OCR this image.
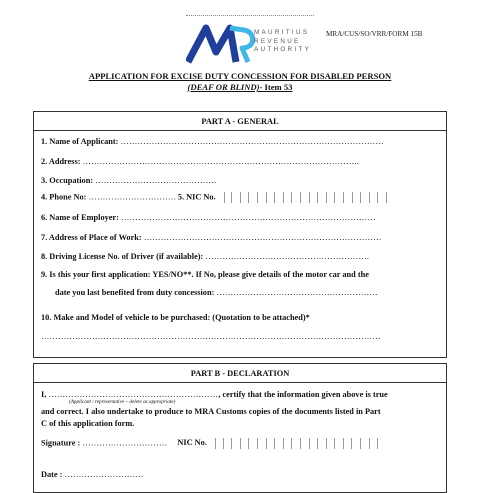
MAURITIUS
REVENUE
AUTHORITY
MRA/CUS/SO/VRR/FORM 15B
APPLICATION FOR EXCISE DUTY CONCESSION FOR DISABLED PERSON
(DEAF OR BLIND)- Item 53
PART A - GENERAL
1. Name of Applicant: …………………………………………………………………………………
2. Address: ……………………………………………………………………………………..
3. Occupation: …………………………………….
4. Phone No: …………………………. 5. NIC No.
6. Name of Employer: ………………………………………………………………………………
7. Address of Place of Work: …………………………………………………………………………
8. Driving License No. of Driver (if available): ………………………………………………….
9. Is this your first application: YES/NO**. If No, please give details of the motor car and the
date you last benefited from duty concession: …………………………………………………
10. Make and Model of vehicle to be purchased: (Quotation to be attached)*
…………………………………………………………………………………………………………
PART B - DECLARATION
I, ……………………………………………………, certify that the information given above is true
(Applicant / representative – delete as appropriate)
and correct. I also undertake to produce to MRA Customs copies of the documents listed in Part
C of this application form.
Signature : ………………………… NIC No.
Date : ……………………….
